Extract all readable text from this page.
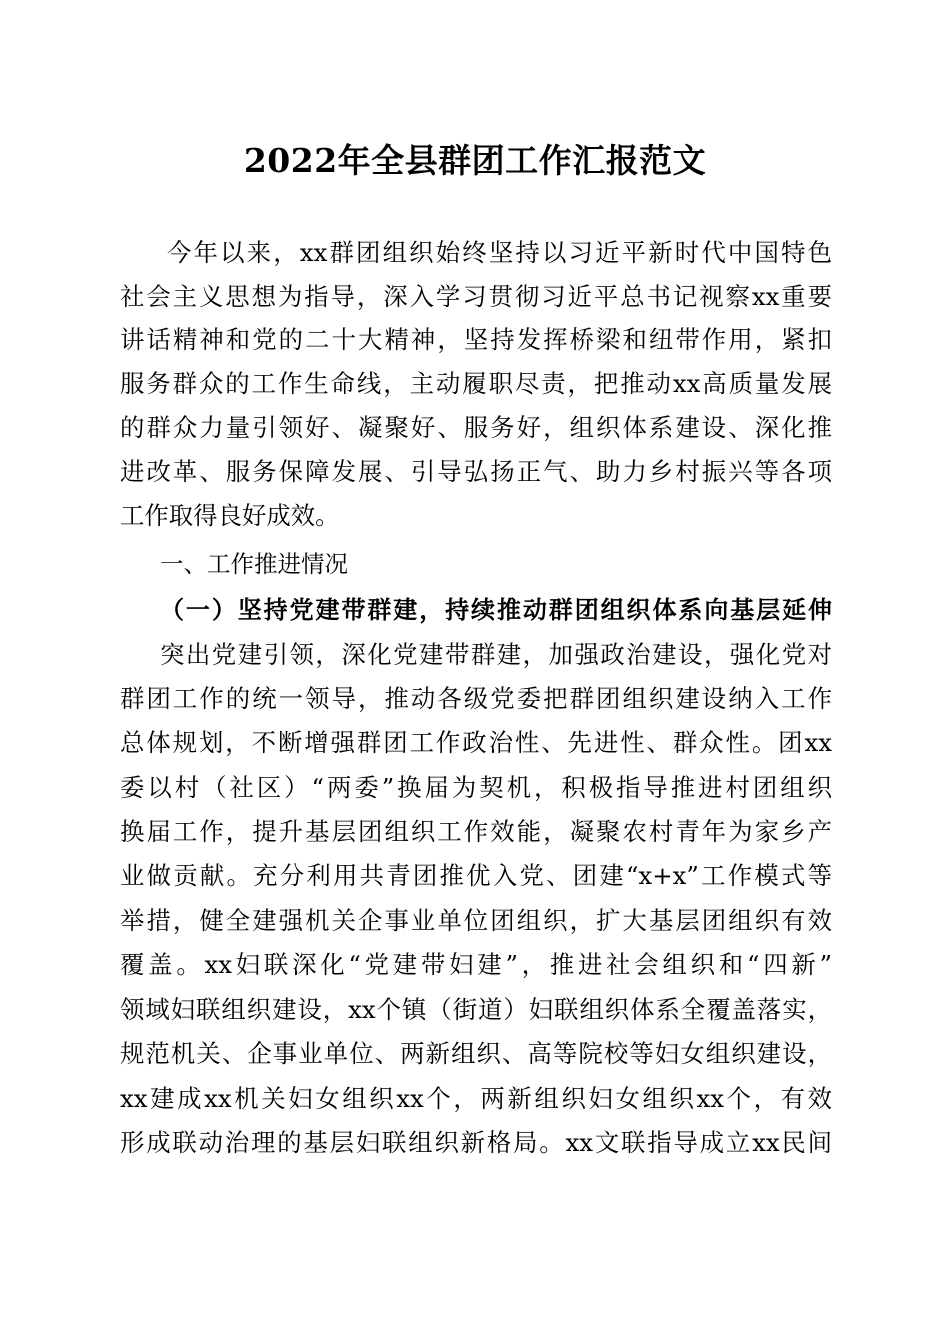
2022年全县群团工作汇报范文

今年以来，xx群团组织始终坚持以习近平新时代中国特色

社会主义思想为指导，深入学习贯彻习近平总书记视察xx重要

讲话精神和党的二十大精神，坚持发挥桥梁和纽带作用，紧扣

服务群众的工作生命线，主动履职尽责，把推动xx高质量发展

的群众力量引领好、凝聚好、服务好，组织体系建设、深化推

进改革、服务保障发展、引导弘扬正气、助力乡村振兴等各项

工作取得良好成效。

一、工作推进情况

（一）坚持党建带群建，持续推动群团组织体系向基层延伸

突出党建引领，深化党建带群建，加强政治建设，强化党对

群团工作的统一领导，推动各级党委把群团组织建设纳入工作

总体规划，不断增强群团工作政治性、先进性、群众性。团xx

委以村（社区）“两委”换届为契机，积极指导推进村团组织

换届工作，提升基层团组织工作效能，凝聚农村青年为家乡产

业做贡献。充分利用共青团推优入党、团建“x+x”工作模式等

举措，健全建强机关企事业单位团组织，扩大基层团组织有效

覆盖。xx妇联深化“党建带妇建”，推进社会组织和“四新”

领域妇联组织建设，xx个镇（街道）妇联组织体系全覆盖落实，

规范机关、企事业单位、两新组织、高等院校等妇女组织建设，

xx建成xx机关妇女组织xx个，两新组织妇女组织xx个，有效

形成联动治理的基层妇联组织新格局。xx文联指导成立xx民间
